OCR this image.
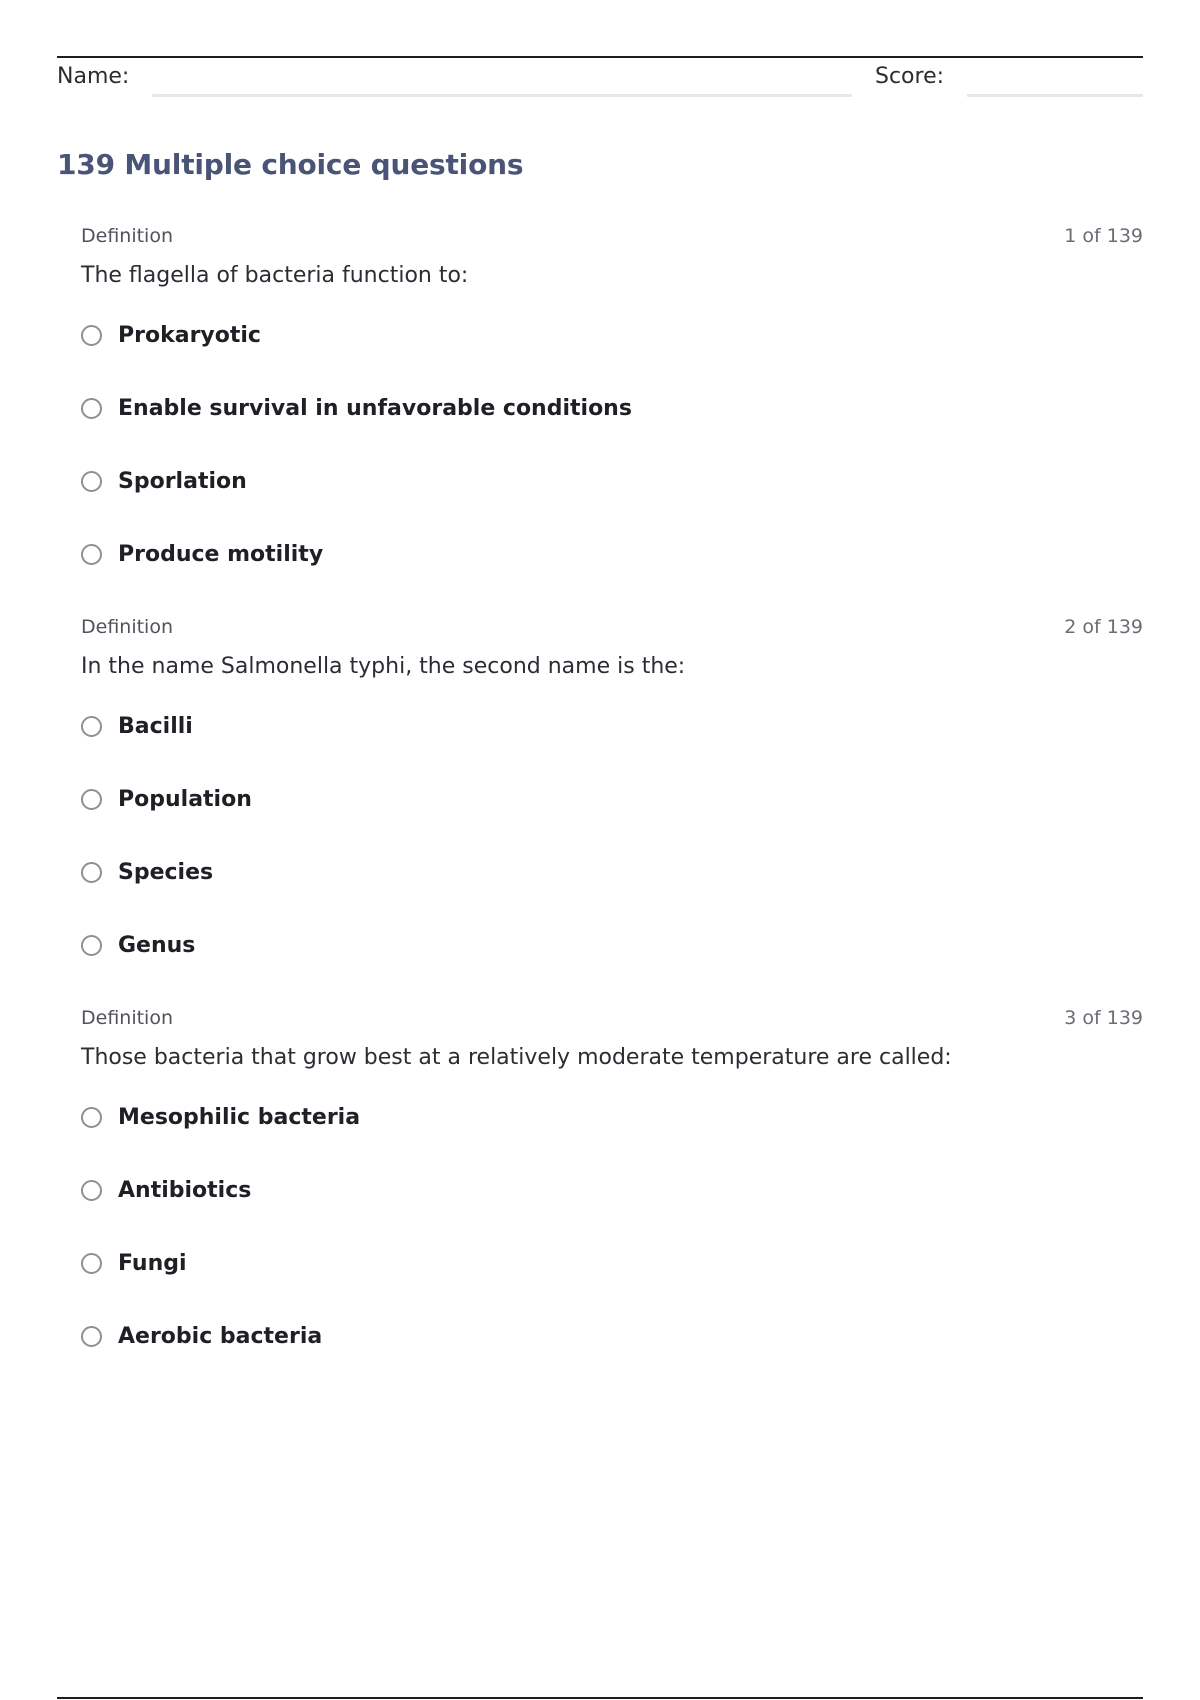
Name:	Score:
139 Multiple choice questions
Definition	1 of 139
The flagella of bacteria function to:
Prokaryotic
Enable survival in unfavorable conditions
Sporlation
Produce motility
Definition	2 of 139
In the name Salmonella typhi, the second name is the:
Bacilli
Population
Species
Genus
Definition	3 of 139
Those bacteria that grow best at a relatively moderate temperature are called:
Mesophilic bacteria
Antibiotics
Fungi
Aerobic bacteria
